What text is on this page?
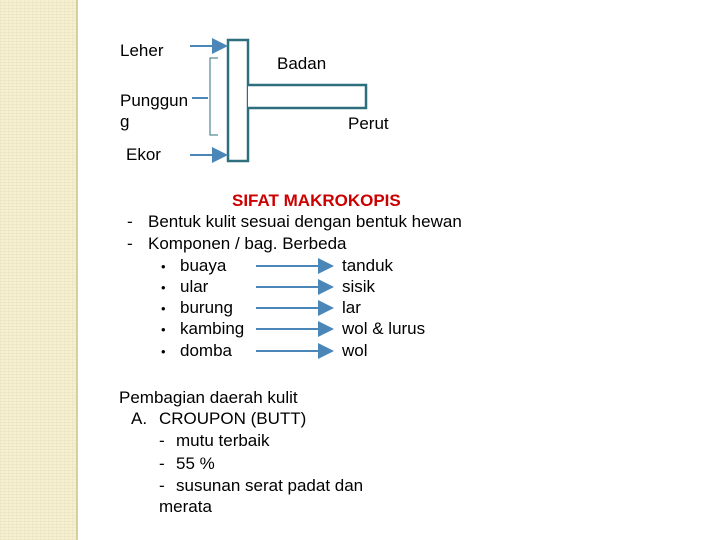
Leher
Badan
Punggun
g	Perut
Ekor
SIFAT MAKROKOPIS
- Bentuk kulit sesuai dengan bentuk hewan
- Komponen / bag. Berbeda
• buaya	tanduk
• ular	sisik
• burung	lar
• kambing	wol & lurus
• domba	wol
Pembagian daerah kulit
A. CROUPON (BUTT)
- mutu terbaik
- 55 %
- susunan serat padat dan
merata
